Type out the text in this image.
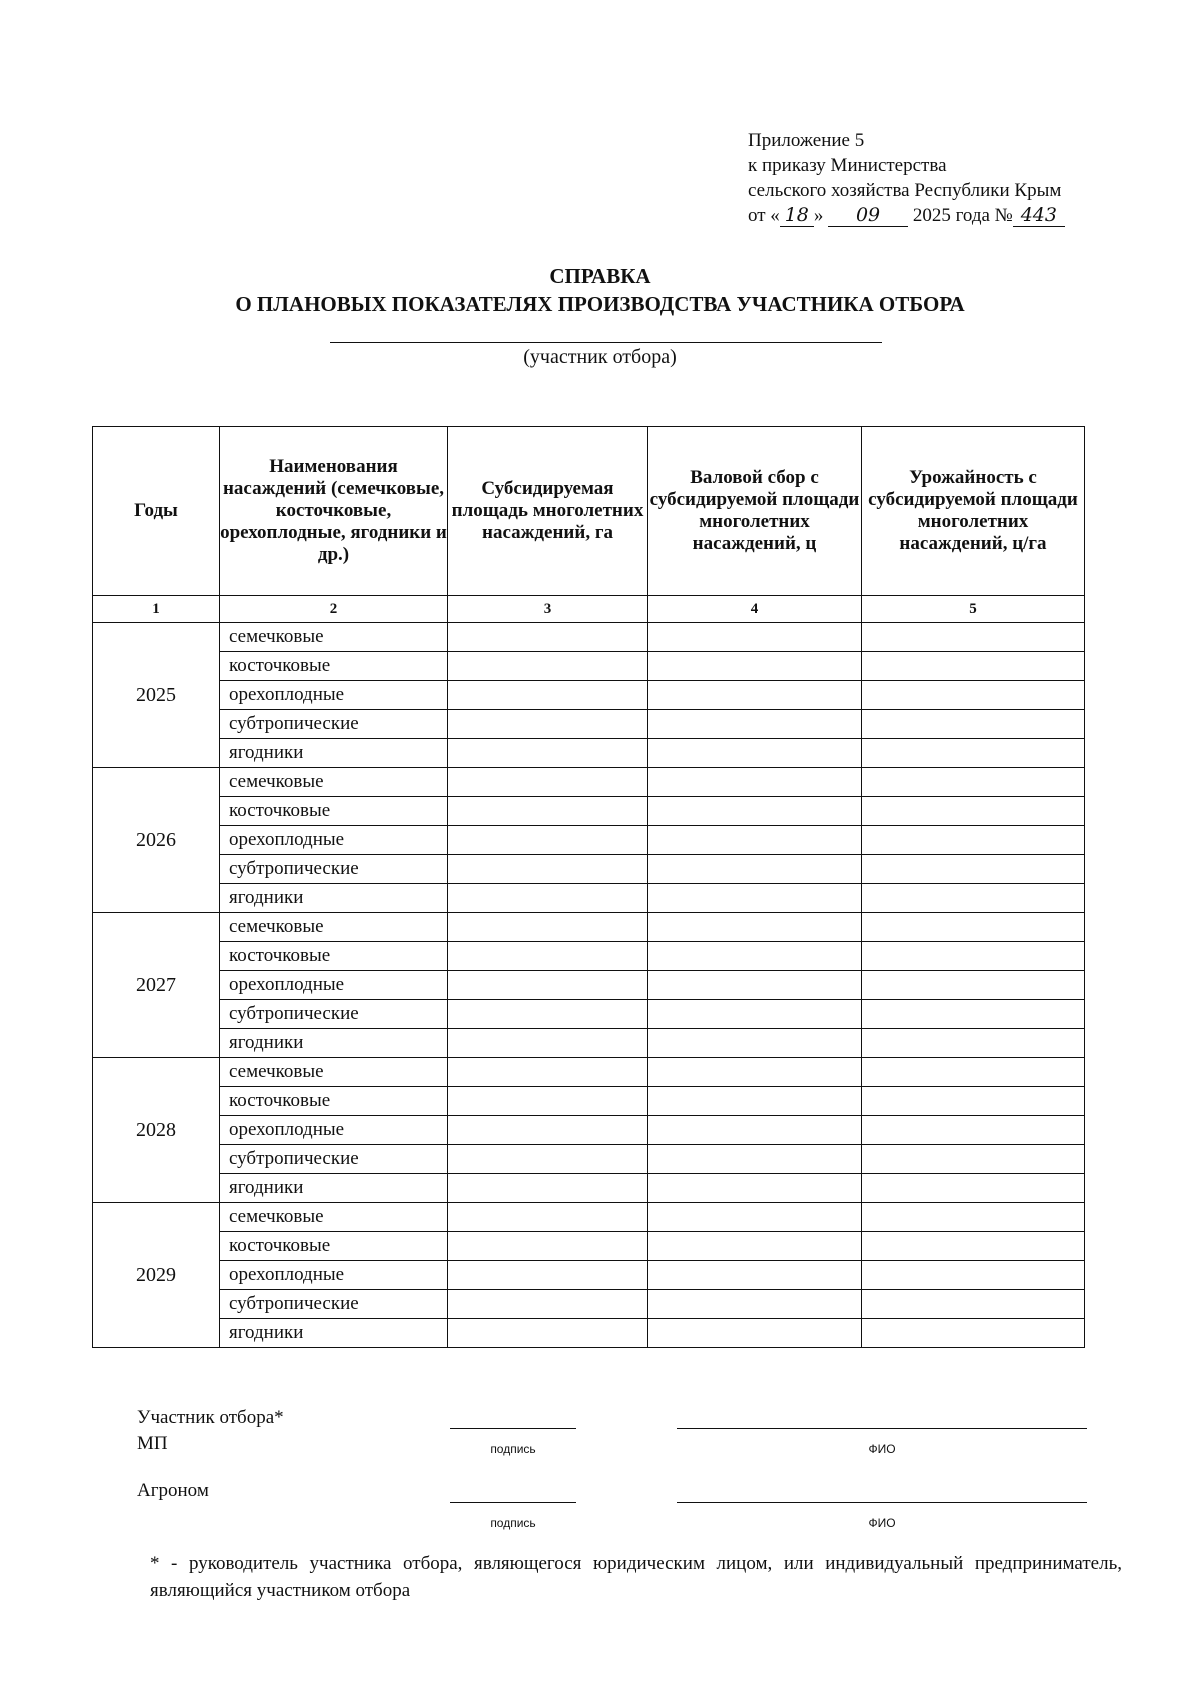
Приложение 5
к приказу Министерства
сельского хозяйства Республики Крым
от « 18 » 09 2025 года № 443
СПРАВКА
О ПЛАНОВЫХ ПОКАЗАТЕЛЯХ ПРОИЗВОДСТВА УЧАСТНИКА ОТБОРА
(участник отбора)
Годы	Наименования насаждений (семечковые, косточковые, орехоплодные, ягодники и др.)	Субсидируемая площадь многолетних насаждений, га	Валовой сбор с субсидируемой площади многолетних насаждений, ц	Урожайность с субсидируемой площади многолетних насаждений, ц/га
1	2	3	4	5
2025	семечковые			
	косточковые			
	орехоплодные			
	субтропические			
	ягодники			
2026	семечковые			
	косточковые			
	орехоплодные			
	субтропические			
	ягодники			
2027	семечковые			
	косточковые			
	орехоплодные			
	субтропические			
	ягодники			
2028	семечковые			
	косточковые			
	орехоплодные			
	субтропические			
	ягодники			
2029	семечковые			
	косточковые			
	орехоплодные			
	субтропические			
	ягодники			
Участник отбора*
МП	подпись	ФИО
Агроном
подпись	ФИО
* - руководитель участника отбора, являющегося юридическим лицом, или индивидуальный предприниматель, являющийся участником отбора
